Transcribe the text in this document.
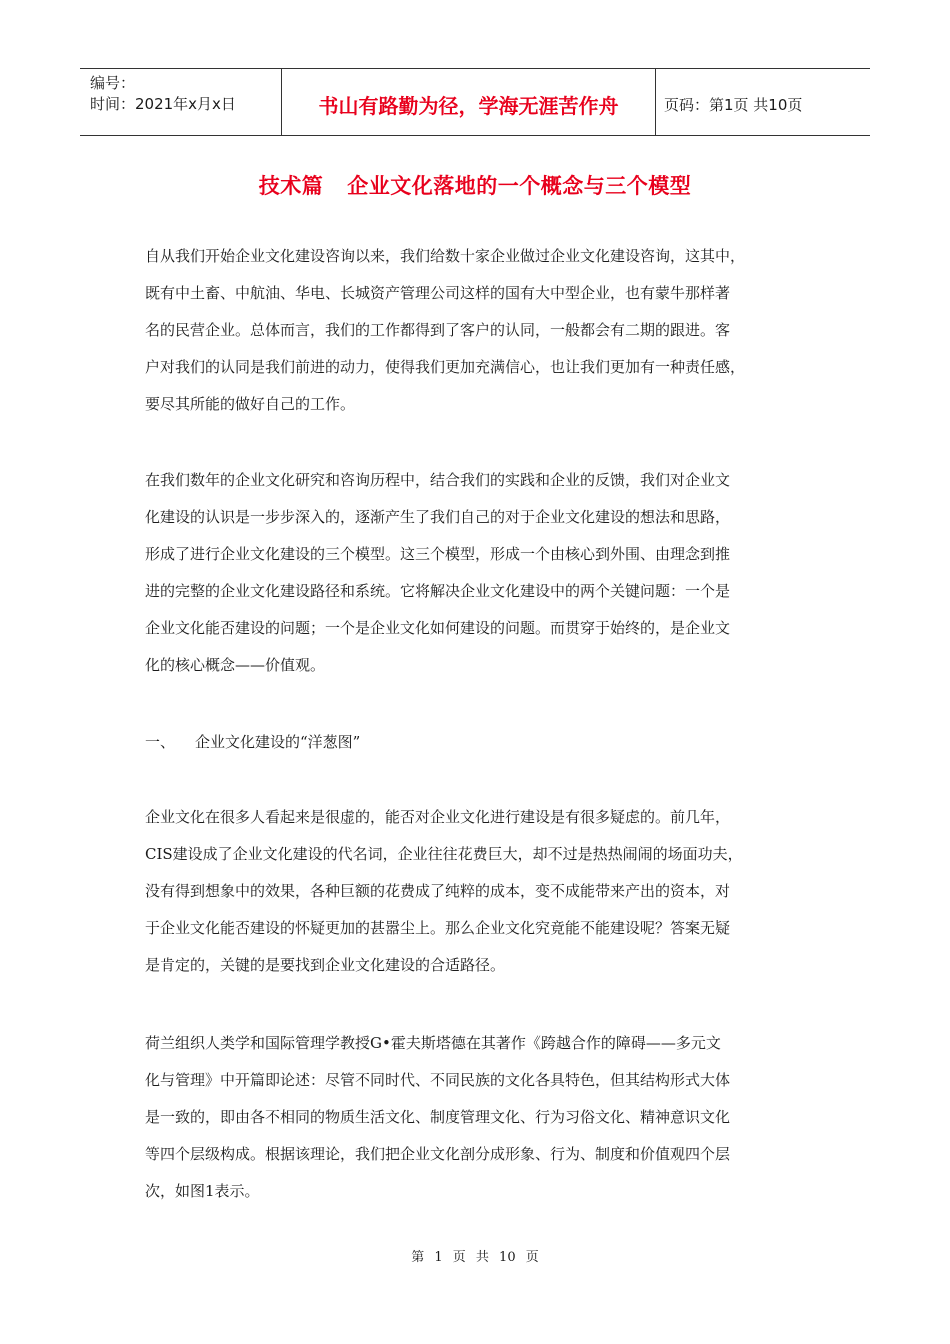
编号：
时间：2021年x月x日	书山有路勤为径，学海无涯苦作舟	页码：第1页 共10页
技术篇 企业文化落地的一个概念与三个模型
自从我们开始企业文化建设咨询以来，我们给数十家企业做过企业文化建设咨询，这其中，
既有中土畜、中航油、华电、长城资产管理公司这样的国有大中型企业，也有蒙牛那样著
名的民营企业。总体而言，我们的工作都得到了客户的认同，一般都会有二期的跟进。客
户对我们的认同是我们前进的动力，使得我们更加充满信心，也让我们更加有一种责任感，
要尽其所能的做好自己的工作。
在我们数年的企业文化研究和咨询历程中，结合我们的实践和企业的反馈，我们对企业文
化建设的认识是一步步深入的，逐渐产生了我们自己的对于企业文化建设的想法和思路，
形成了进行企业文化建设的三个模型。这三个模型，形成一个由核心到外围、由理念到推
进的完整的企业文化建设路径和系统。它将解决企业文化建设中的两个关键问题：一个是
企业文化能否建设的问题；一个是企业文化如何建设的问题。而贯穿于始终的，是企业文
化的核心概念——价值观。
一、 企业文化建设的“洋葱图”
企业文化在很多人看起来是很虚的，能否对企业文化进行建设是有很多疑虑的。前几年，
CIS建设成了企业文化建设的代名词，企业往往花费巨大，却不过是热热闹闹的场面功夫，
没有得到想象中的效果，各种巨额的花费成了纯粹的成本，变不成能带来产出的资本，对
于企业文化能否建设的怀疑更加的甚嚣尘上。那么企业文化究竟能不能建设呢？答案无疑
是肯定的，关键的是要找到企业文化建设的合适路径。
荷兰组织人类学和国际管理学教授G•霍夫斯塔德在其著作《跨越合作的障碍——多元文
化与管理》中开篇即论述：尽管不同时代、不同民族的文化各具特色，但其结构形式大体
是一致的，即由各不相同的物质生活文化、制度管理文化、行为习俗文化、精神意识文化
等四个层级构成。根据该理论，我们把企业文化剖分成形象、行为、制度和价值观四个层
次，如图1表示。
第 1 页 共 10 页
